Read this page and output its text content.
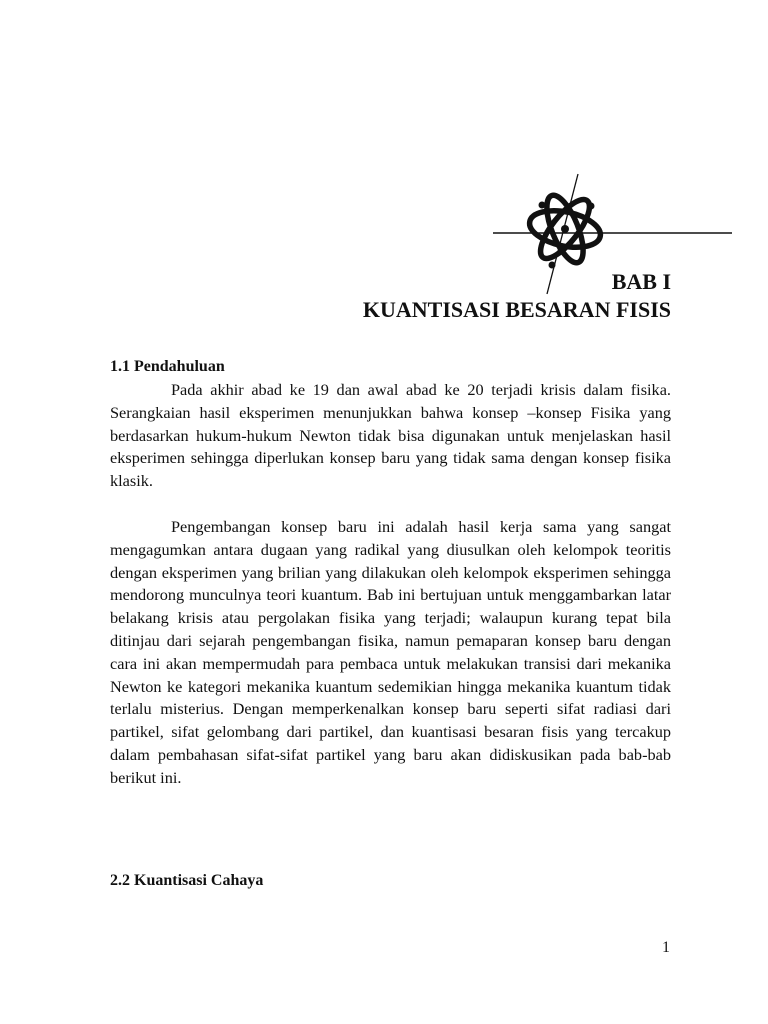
BAB I
KUANTISASI BESARAN FISIS
1.1 Pendahuluan

Pada akhir abad ke 19 dan awal abad ke 20 terjadi krisis dalam fisika. Serangkaian hasil eksperimen menunjukkan bahwa konsep –konsep Fisika yang berdasarkan hukum-hukum Newton tidak bisa digunakan untuk menjelaskan hasil eksperimen sehingga diperlukan konsep baru yang tidak sama dengan konsep fisika klasik.

Pengembangan konsep baru ini adalah hasil kerja sama yang sangat mengagumkan antara dugaan yang radikal yang diusulkan oleh kelompok teoritis dengan eksperimen yang brilian yang dilakukan oleh kelompok eksperimen sehingga mendorong munculnya teori kuantum. Bab ini bertujuan untuk menggambarkan latar belakang krisis atau pergolakan fisika yang terjadi; walaupun kurang tepat bila ditinjau dari sejarah pengembangan fisika, namun pemaparan konsep baru dengan cara ini akan mempermudah para pembaca untuk melakukan transisi dari mekanika Newton ke kategori mekanika kuantum sedemikian hingga mekanika kuantum tidak terlalu misterius. Dengan memperkenalkan konsep baru seperti sifat radiasi dari partikel, sifat gelombang dari partikel, dan kuantisasi besaran fisis yang tercakup dalam pembahasan sifat-sifat partikel yang baru akan didiskusikan pada bab-bab berikut ini.

2.2 Kuantisasi Cahaya
1
